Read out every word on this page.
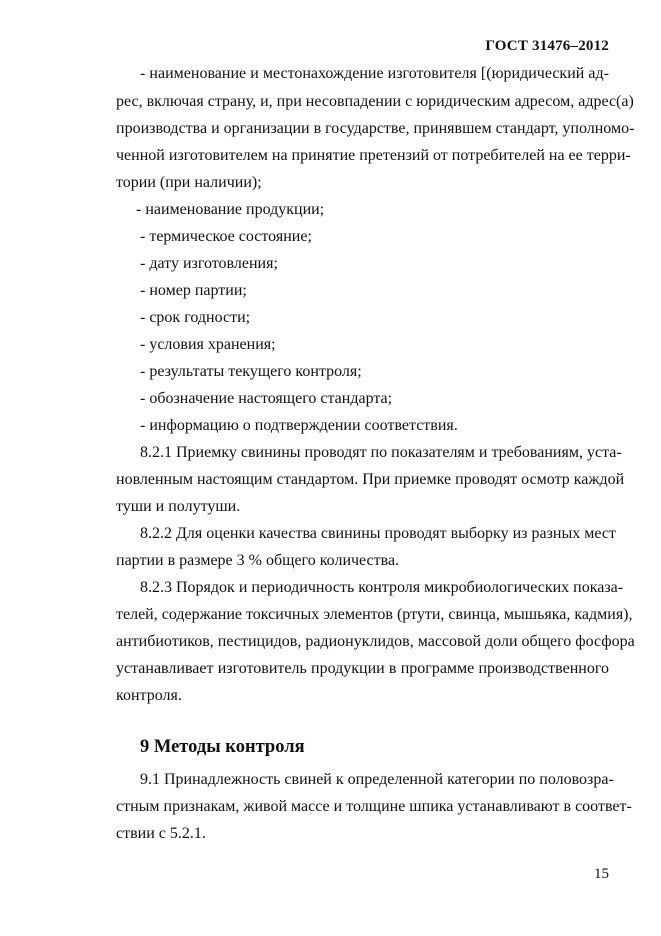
ГОСТ 31476–2012
- наименование и местонахождение изготовителя [(юридический ад-
рес, включая страну, и, при несовпадении с юридическим адресом, адрес(а)
производства и организации в государстве, принявшем стандарт, уполномо-
ченной изготовителем на принятие претензий от потребителей на ее терри-
тории (при наличии);
- наименование продукции;
- термическое состояние;
- дату изготовления;
- номер партии;
- срок годности;
- условия хранения;
- результаты текущего контроля;
- обозначение настоящего стандарта;
- информацию о подтверждении соответствия.
8.2.1 Приемку свинины проводят по показателям и требованиям, уста-
новленным настоящим стандартом. При приемке проводят осмотр каждой
туши и полутуши.
8.2.2 Для оценки качества свинины проводят выборку из разных мест
партии в размере 3 % общего количества.
8.2.3 Порядок и периодичность контроля микробиологических показа-
телей, содержание токсичных элементов (ртути, свинца, мышьяка, кадмия),
антибиотиков, пестицидов, радионуклидов, массовой доли общего фосфора
устанавливает изготовитель продукции в программе производственного
контроля.
9 Методы контроля
9.1 Принадлежность свиней к определенной категории по половозра-
стным признакам, живой массе и толщине шпика устанавливают в соответ-
ствии с 5.2.1.
15
